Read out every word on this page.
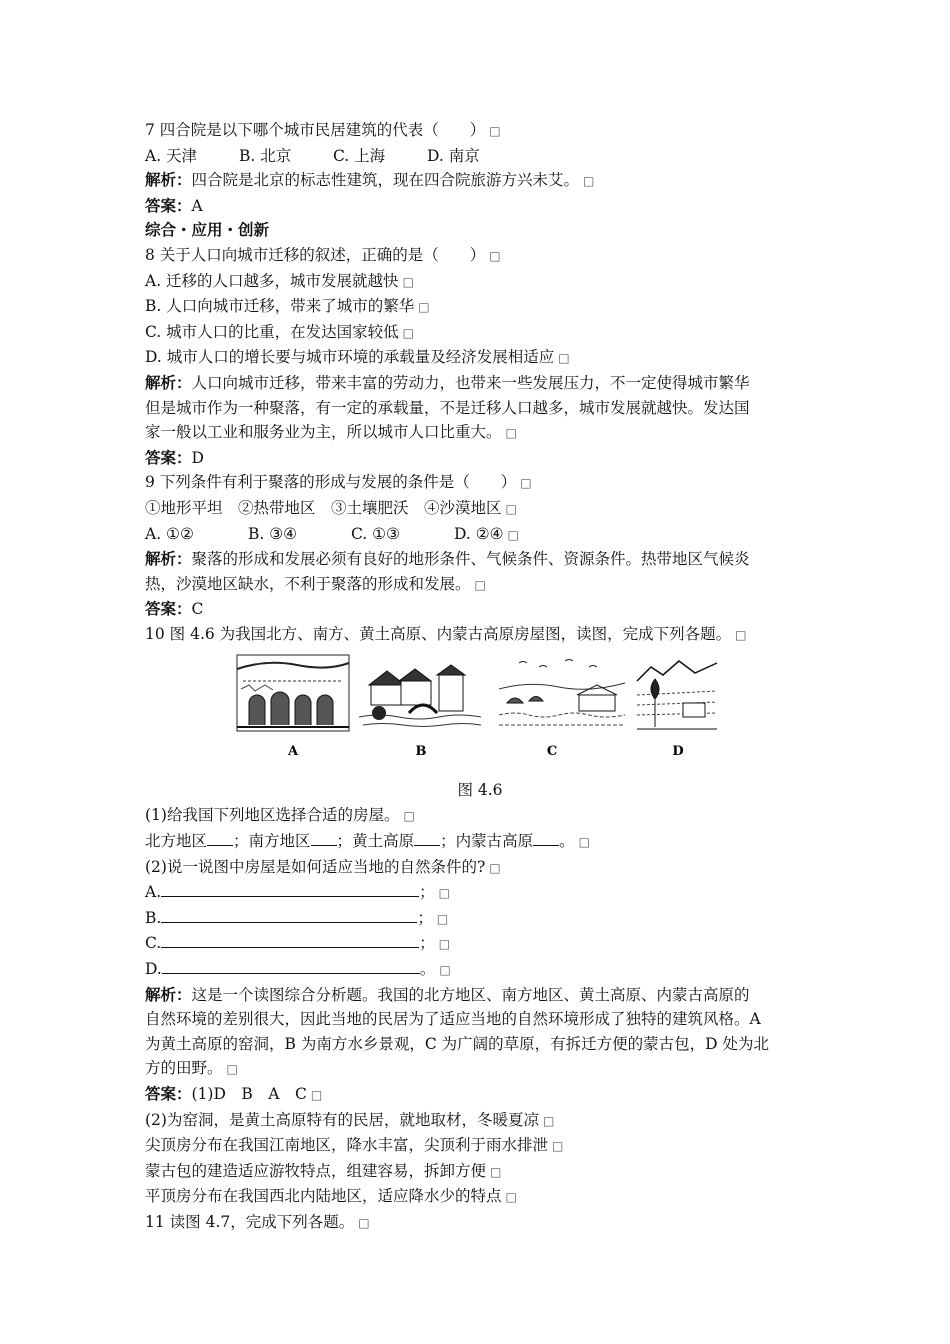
7 四合院是以下哪个城市民居建筑的代表（　　） □
A. 天津	B. 北京	C. 上海	D. 南京
解析：四合院是北京的标志性建筑，现在四合院旅游方兴未艾。 □
答案：A
综合・应用・创新
8 关于人口向城市迁移的叙述，正确的是（　　） □
A. 迁移的人口越多，城市发展就越快 □
B. 人口向城市迁移，带来了城市的繁华 □
C. 城市人口的比重，在发达国家较低 □
D. 城市人口的增长要与城市环境的承载量及经济发展相适应 □
解析：人口向城市迁移，带来丰富的劳动力，也带来一些发展压力，不一定使得城市繁华
但是城市作为一种聚落，有一定的承载量，不是迁移人口越多，城市发展就越快。发达国
家一般以工业和服务业为主，所以城市人口比重大。 □
答案：D
9 下列条件有利于聚落的形成与发展的条件是（　　） □
①地形平坦　②热带地区　③土壤肥沃　④沙漠地区 □
A. ①②	B. ③④	C. ①③	D. ②④ □
解析：聚落的形成和发展必须有良好的地形条件、气候条件、资源条件。热带地区气候炎
热，沙漠地区缺水，不利于聚落的形成和发展。 □
答案：C
10 图 4.6 为我国北方、南方、黄土高原、内蒙古高原房屋图，读图，完成下列各题。 □
A	B	C	D
图 4.6
(1)给我国下列地区选择合适的房屋。 □
北方地区 ；南方地区 ；黄土高原 ；内蒙古高原 。 □
(2)说一说图中房屋是如何适应当地的自然条件的? □
A.	； □
B.	； □
C.	； □
D.	。 □
解析：这是一个读图综合分析题。我国的北方地区、南方地区、黄土高原、内蒙古高原的
自然环境的差别很大，因此当地的民居为了适应当地的自然环境形成了独特的建筑风格。A
为黄土高原的窑洞，B 为南方水乡景观，C 为广阔的草原，有拆迁方便的蒙古包，D 处为北
方的田野。 □
答案：(1)D　B　A　C □
(2)为窑洞，是黄土高原特有的民居，就地取材，冬暖夏凉 □
尖顶房分布在我国江南地区，降水丰富，尖顶利于雨水排泄 □
蒙古包的建造适应游牧特点，组建容易，拆卸方便 □
平顶房分布在我国西北内陆地区，适应降水少的特点 □
11 读图 4.7，完成下列各题。 □
